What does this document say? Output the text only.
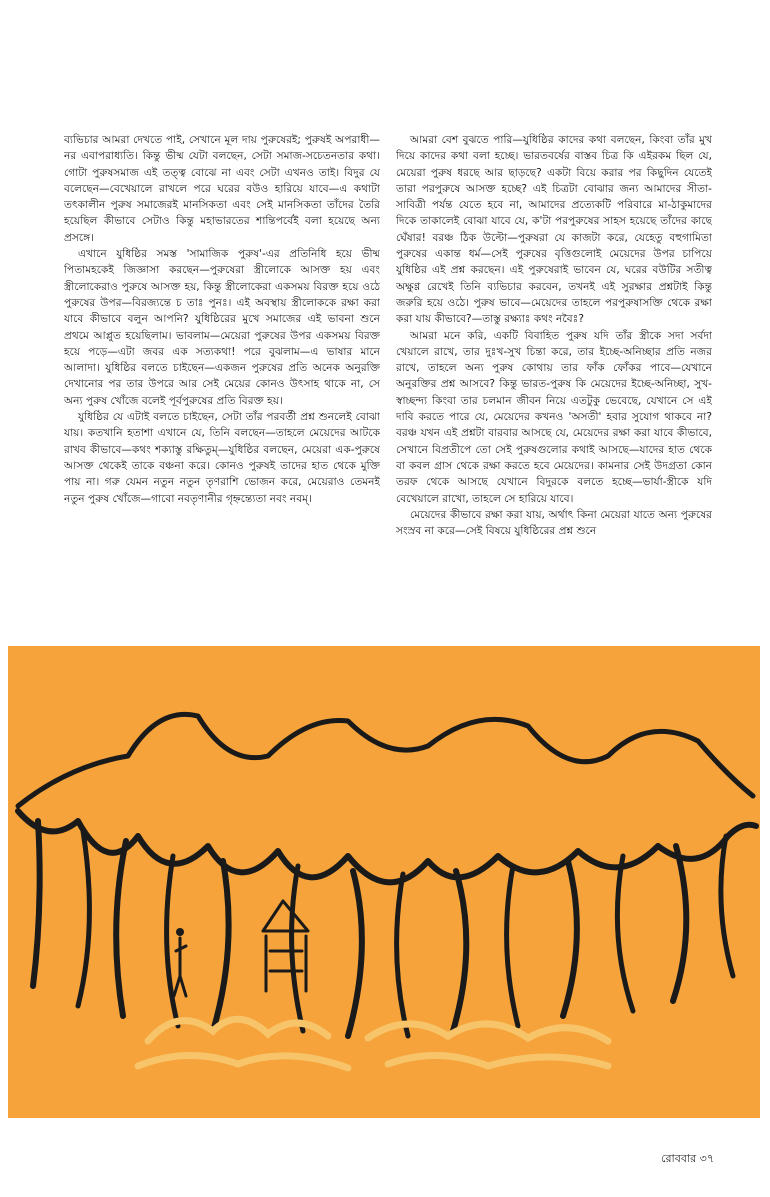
ব্যভিচার আমরা দেখতে পাই, সেখানে মূল দায় পুরুষেরই; পুরুষই অপরাধী—নর এবাপরাধ্যতি। কিন্তু ভীষ্ম যেটা বলছেন, সেটা সমাজ-সচেতনতার কথা। গোটা পুরুষসমাজ এই তত্ত্ব বোঝে না এবং সেটা এখনও তাই। বিদুর যে বলেছেন—বেখেয়ালে রাখলে পরে ঘরের বউও হারিয়ে যাবে—এ কথাটা তৎকালীন পুরুষ সমাজেরই মানসিকতা এবং সেই মানসিকতা তাঁদের তৈরি হয়েছিল কীভাবে সেটাও কিন্তু মহাভারতের শান্তিপর্বেই বলা হয়েছে অন্য প্রসঙ্গে।

এখানে যুধিষ্ঠির সমস্ত 'সামাজিক পুরুষ'-এর প্রতিনিধি হয়ে ভীষ্ম পিতামহকেই জিজ্ঞাসা করছেন—পুরুষেরা স্ত্রীলোকে আসক্ত হয় এবং স্ত্রীলোকেরাও পুরুষে আসক্ত হয়, কিন্তু স্ত্রীলোকেরা একসময় বিরক্ত হয়ে ওঠে পুরুষের উপর—বিরজ্যন্তে চ তাঃ পুনঃ। এই অবস্থায় স্ত্রীলোককে রক্ষা করা যাবে কীভাবে বলুন আপনি? যুধিষ্ঠিরের মুখে সমাজের এই ভাবনা শুনে প্রথমে আপ্লুত হয়েছিলাম। ভাবলাম—মেয়েরা পুরুষের উপর একসময় বিরক্ত হয়ে পড়ে—এটা জবর এক সত্যকথা! পরে বুঝলাম—এ ভাষার মানে আলাদা। যুধিষ্ঠির বলতে চাইছেন—একজন পুরুষের প্রতি অনেক অনুরক্তি দেখানোর পর তার উপরে আর সেই মেয়ের কোনও উৎসাহ থাকে না, সে অন্য পুরুষ খোঁজে বলেই পূর্বপুরুষের প্রতি বিরক্ত হয়।

যুধিষ্ঠির যে এটাই বলতে চাইছেন, সেটা তাঁর পরবর্তী প্রশ্ন শুনলেই বোঝা যায়। কতখানি হতাশা এখানে যে, তিনি বলছেন—তাহলে মেয়েদের আটকে রাখব কীভাবে—কথং শক্যাস্তু রক্ষিতুম্—যুধিষ্ঠির বলছেন, মেয়েরা এক-পুরুষে আসক্ত থেকেই তাকে বঞ্চনা করে। কোনও পুরুষই তাদের হাত থেকে মুক্তি পায় না। গরু যেমন নতুন নতুন তৃণরাশি ভোজন করে, মেয়েরাও তেমনই নতুন পুরুষ খোঁজে—গাবো নবতৃণানীর গৃহ্নন্ত্যেতা নবং নবম্।

আমরা বেশ বুঝতে পারি—যুধিষ্ঠির কাদের কথা বলছেন, কিংবা তাঁর মুখ দিয়ে কাদের কথা বলা হচ্ছে। ভারতবর্ষের বাস্তব চিত্র কি এইরকম ছিল যে, মেয়েরা পুরুষ ধরছে আর ছাড়ছে? একটা বিয়ে করার পর কিছুদিন যেতেই তারা পরপুরুষে আসক্ত হচ্ছে? এই চিত্রটা বোঝার জন্য আমাদের সীতা-সাবিত্রী পর্যন্ত যেতে হবে না, আমাদের প্রত্যেকটি পরিবারে মা-ঠাকুমাদের দিকে তাকালেই বোঝা যাবে যে, ক'টা পরপুরুষের সাহস হয়েছে তাঁদের কাছে ঘেঁষার! বরঞ্চ ঠিক উল্টো—পুরুষরা যে কাজটা করে, যেহেতু বহুগামিতা পুরুষের একান্ত ধর্ম—সেই পুরুষের বৃত্তিগুলোই মেয়েদের উপর চাপিয়ে যুধিষ্ঠির এই প্রশ্ন করছেন। এই পুরুষেরাই ভাবেন যে, ঘরের বউটির সতীত্ব অক্ষুণ্ণ রেখেই তিনি ব্যভিচার করবেন, তখনই এই সুরক্ষার প্রশ্নটাই কিন্তু জরুরি হয়ে ওঠে। পুরুষ ভাবে—মেয়েদের তাহলে পরপুরুষাসক্তি থেকে রক্ষা করা যায় কীভাবে?—তাস্তু রক্ষ্যাঃ কথং নবৈঃ?

আমরা মনে করি, একটি বিবাহিত পুরুষ যদি তাঁর স্ত্রীকে সদা সর্বদা খেয়ালে রাখে, তার দুঃখ-সুখ চিন্তা করে, তার ইচ্ছে-অনিচ্ছার প্রতি নজর রাখে, তাহলে অন্য পুরুষ কোথায় তার ফাঁক ফোঁকর পাবে—যেখানে অনুরক্তির প্রশ্ন আসবে? কিন্তু ভারত-পুরুষ কি মেয়েদের ইচ্ছে-অনিচ্ছা, সুখ-স্বাচ্ছন্দ্য কিংবা তার চলমান জীবন নিয়ে এতটুকু ভেবেছে, যেখানে সে এই দাবি করতে পারে যে, মেয়েদের কখনও 'অসতী' হবার সুযোগ থাকবে না? বরঞ্চ যখন এই প্রশ্নটা বারবার আসছে যে, মেয়েদের রক্ষা করা যাবে কীভাবে, সেখানে বিপ্রতীপে তো সেই পুরুষগুলোর কথাই আসছে—যাদের হাত থেকে বা কবল গ্রাস থেকে রক্ষা করতে হবে মেয়েদের। কামনার সেই উদগ্রতা কোন তরফ থেকে আসছে যেখানে বিদুরকে বলতে হচ্ছে—ভার্যা-স্ত্রীকে যদি বেখেয়ালে রাখো, তাহলে সে হারিয়ে যাবে।

মেয়েদের কীভাবে রক্ষা করা যায়, অর্থাৎ কিনা মেয়েরা যাতে অন্য পুরুষের সংস্রব না করে—সেই বিষয়ে যুধিষ্ঠিরের প্রশ্ন শুনে

রোববার ৩৭
